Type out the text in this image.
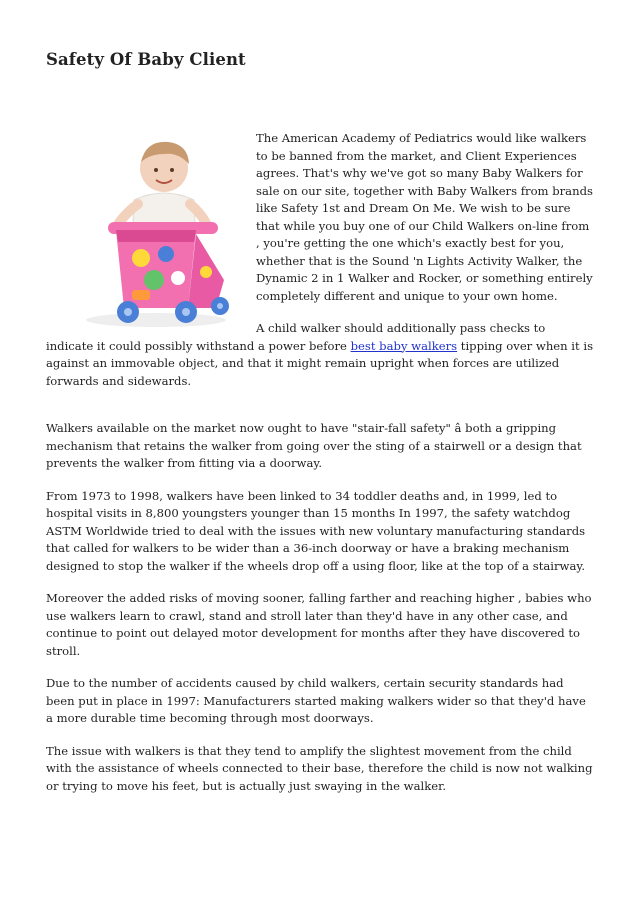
Safety Of Baby Client

The American Academy of Pediatrics would like walkers to be banned from the market, and Client Experiences agrees. That's why we've got so many Baby Walkers for sale on our site, together with Baby Walkers from brands like Safety 1st and Dream On Me. We wish to be sure that while you buy one of our Child Walkers on-line from , you're getting the one which's exactly best for you, whether that is the Sound 'n Lights Activity Walker, the Dynamic 2 in 1 Walker and Rocker, or something entirely completely different and unique to your own home.

A child walker should additionally pass checks to indicate it could possibly withstand a power before best baby walkers tipping over when it is against an immovable object, and that it might remain upright when forces are utilized forwards and sidewards.

Walkers available on the market now ought to have "stair-fall safety" â both a gripping mechanism that retains the walker from going over the sting of a stairwell or a design that prevents the walker from fitting via a doorway.

From 1973 to 1998, walkers have been linked to 34 toddler deaths and, in 1999, led to hospital visits in 8,800 youngsters younger than 15 months In 1997, the safety watchdog ASTM Worldwide tried to deal with the issues with new voluntary manufacturing standards that called for walkers to be wider than a 36-inch doorway or have a braking mechanism designed to stop the walker if the wheels drop off a using floor, like at the top of a stairway.

Moreover the added risks of moving sooner, falling farther and reaching higher , babies who use walkers learn to crawl, stand and stroll later than they'd have in any other case, and continue to point out delayed motor development for months after they have discovered to stroll.

Due to the number of accidents caused by child walkers, certain security standards had been put in place in 1997: Manufacturers started making walkers wider so that they'd have a more durable time becoming through most doorways.

The issue with walkers is that they tend to amplify the slightest movement from the child with the assistance of wheels connected to their base, therefore the child is now not walking or trying to move his feet, but is actually just swaying in the walker.
